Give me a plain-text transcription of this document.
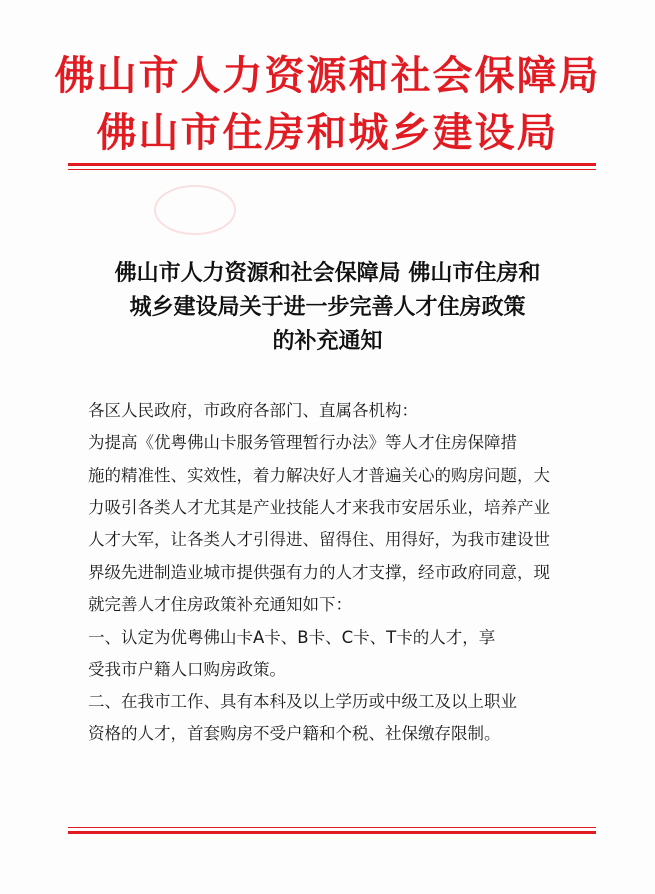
佛山市人力资源和社会保障局
佛山市住房和城乡建设局
佛山市人力资源和社会保障局 佛山市住房和
城乡建设局关于进一步完善人才住房政策
的补充通知
各区人民政府，市政府各部门、直属各机构：
为提高《优粤佛山卡服务管理暂行办法》等人才住房保障措
施的精准性、实效性，着力解决好人才普遍关心的购房问题，大
力吸引各类人才尤其是产业技能人才来我市安居乐业，培养产业
人才大军，让各类人才引得进、留得住、用得好，为我市建设世
界级先进制造业城市提供强有力的人才支撑，经市政府同意，现
就完善人才住房政策补充通知如下：
一、认定为优粤佛山卡A卡、B卡、C卡、T卡的人才，享
受我市户籍人口购房政策。
二、在我市工作、具有本科及以上学历或中级工及以上职业
资格的人才，首套购房不受户籍和个税、社保缴存限制。
